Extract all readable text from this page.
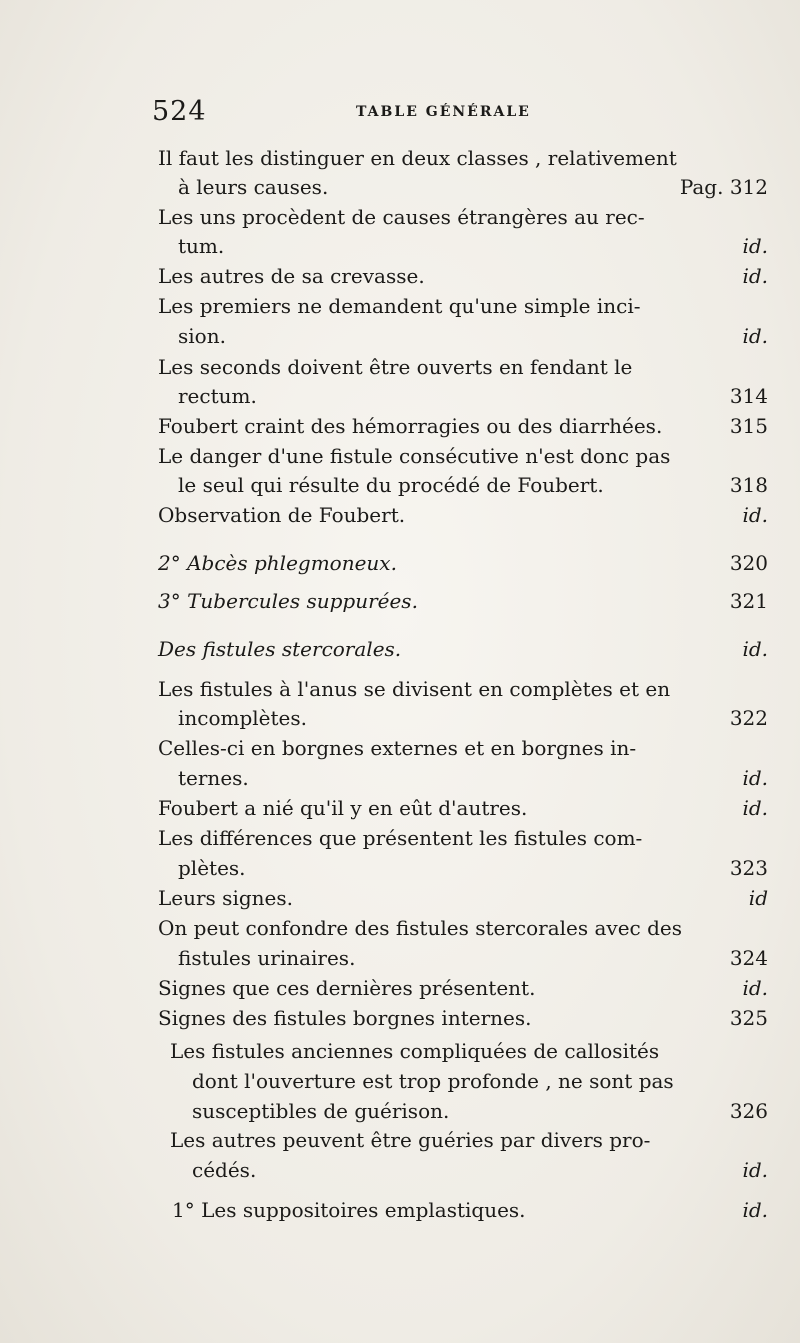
524	TABLE GÉNÉRALE
Il faut les distinguer en deux classes , relativement
à leurs causes.	Pag. 312
Les uns procèdent de causes étrangères au rec-
tum.	id.
Les autres de sa crevasse.	id.
Les premiers ne demandent qu'une simple inci-
sion.	id.
Les seconds doivent être ouverts en fendant le
rectum.	314
Foubert craint des hémorragies ou des diarrhées.	315
Le danger d'une fistule consécutive n'est donc pas
le seul qui résulte du procédé de Foubert.	318
Observation de Foubert.	id.
2° Abcès phlegmoneux.	320
3° Tubercules suppurées.	321
Des fistules stercorales.	id.
Les fistules à l'anus se divisent en complètes et en
incomplètes.	322
Celles-ci en borgnes externes et en borgnes in-
ternes.	id.
Foubert a nié qu'il y en eût d'autres.	id.
Les différences que présentent les fistules com-
plètes.	323
Leurs signes.	id
On peut confondre des fistules stercorales avec des
fistules urinaires.	324
Signes que ces dernières présentent.	id.
Signes des fistules borgnes internes.	325
Les fistules anciennes compliquées de callosités
dont l'ouverture est trop profonde , ne sont pas
susceptibles de guérison.	326
Les autres peuvent être guéries par divers pro-
cédés.	id.
1° Les suppositoires emplastiques.	id.
